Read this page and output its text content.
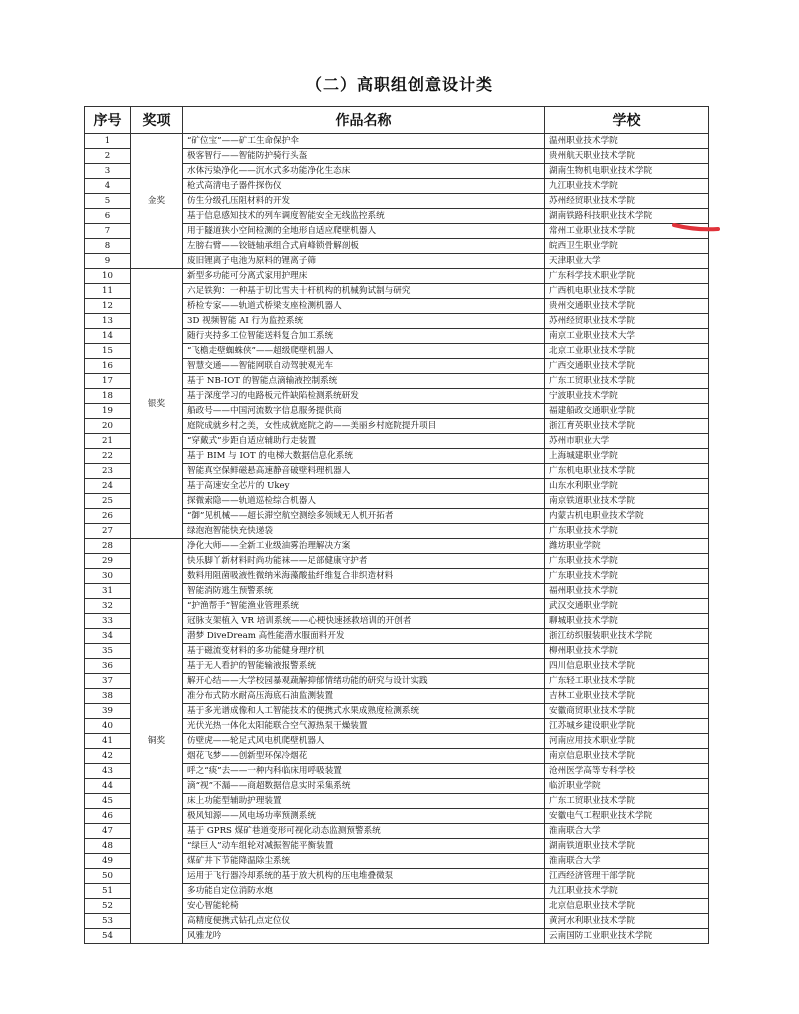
（二）高职组创意设计类
序号	奖项	作品名称	学校
1	金奖	“矿位宝”——矿工生命保护伞	温州职业技术学院
2		极客智行——智能防护骑行头盔	贵州航天职业技术学院
3		水体污染净化——沉水式多功能净化生态床	湖南生物机电职业技术学院
4		枪式高清电子器件探伤仪	九江职业技术学院
5		仿生分级孔压阻材料的开发	苏州经贸职业技术学院
6		基于信息感知技术的列车调度智能安全无线监控系统	湖南铁路科技职业技术学院
7		用于隧道狭小空间检测的全地形自适应爬壁机器人	常州工业职业技术学院
8		左膀右臂——铰链轴承组合式肩峰锁骨解剖板	皖西卫生职业学院
9		废旧锂离子电池为原料的锂离子筛	天津职业大学
10	银奖	新型多功能可分离式家用护理床	广东科学技术职业学院
11		六足铁狗：一种基于切比雪夫十杆机构的机械狗试制与研究	广西机电职业技术学院
12		桥检专家——轨道式桥梁支座检测机器人	贵州交通职业技术学院
13		3D 视频智能 AI 行为监控系统	苏州经贸职业技术学院
14		随行夹持多工位智能送料复合加工系统	南京工业职业技术大学
15		“飞檐走壁蜘蛛侠”——超级爬壁机器人	北京工业职业技术学院
16		智慧交通——智能网联自动驾驶观光车	广西交通职业技术学院
17		基于 NB-IOT 的智能点滴输液控制系统	广东工贸职业技术学院
18		基于深度学习的电路板元件缺陷检测系统研发	宁波职业技术学院
19		船政号——中国河流数字信息服务提供商	福建船政交通职业学院
20		庭院成就乡村之美，女性成就庭院之韵——美丽乡村庭院提升项目	浙江育英职业技术学院
21		“穿戴式”步距自适应辅助行走装置	苏州市职业大学
22		基于 BIM 与 IOT 的电梯大数据信息化系统	上海城建职业学院
23		智能真空保鲜磁悬高速静音破壁料理机器人	广东机电职业技术学院
24		基于高速安全芯片的 Ukey	山东水利职业学院
25		探微索隐——轨道巡检综合机器人	南京铁道职业技术学院
26		“御”见机械——超长滞空航空测绘多领域无人机开拓者	内蒙古机电职业技术学院
27		绿泡泡智能快充快递袋	广东职业技术学院
28	铜奖	净化大师——全新工业级油雾治理解决方案	潍坊职业学院
29		快乐脚丫新材料时尚功能袜——足部健康守护者	广东职业技术学院
30		数料用阻菌吸液性微纳米海藻酸盐纤维复合非织造材料	广东职业技术学院
31		智能消防逃生预警系统	福州职业技术学院
32		“护渔帮手”智能渔业管理系统	武汉交通职业学院
33		冠脉支架植入 VR 培训系统——心梗快速拯救培训的开创者	聊城职业技术学院
34		潜梦 DiveDream 高性能潜水服面料开发	浙江纺织服装职业技术学院
35		基于磁流变材料的多功能健身理疗机	柳州职业技术学院
36		基于无人看护的智能输液报警系统	四川信息职业技术学院
37		解开心结——大学校园暴观蔬解抑郁情绪功能的研究与设计实践	广东轻工职业技术学院
38		准分布式防水耐高压海底石油监测装置	吉林工业职业技术学院
39		基于多光谱成像和人工智能技术的便携式水果成熟度检测系统	安徽商贸职业技术学院
40		光伏光热一体化太阳能联合空气源热泵干燥装置	江苏城乡建设职业学院
41		仿壁虎——轮足式风电机爬壁机器人	河南应用技术职业学院
42		烟花飞梦——创新型环保冷烟花	南京信息职业技术学院
43		呼之“痰”去——一种内科临床用呼吸装置	沧州医学高等专科学校
44		滴“视”不漏——商超数据信息实时采集系统	临沂职业学院
45		床上功能型辅助护理装置	广东工贸职业技术学院
46		极风知源——风电场功率预测系统	安徽电气工程职业技术学院
47		基于 GPRS 煤矿巷道变形可视化动态监测预警系统	淮南联合大学
48		“绿巨人”动车组轮对减振智能平衡装置	湖南铁道职业技术学院
49		煤矿井下节能降温除尘系统	淮南联合大学
50		运用于飞行器冷却系统的基于放大机构的压电堆叠微泵	江西经济管理干部学院
51		多功能自定位消防水炮	九江职业技术学院
52		安心智能轮椅	北京信息职业技术学院
53		高精度便携式钻孔点定位仪	黄河水利职业技术学院
54		风雅龙吟	云南国防工业职业技术学院
